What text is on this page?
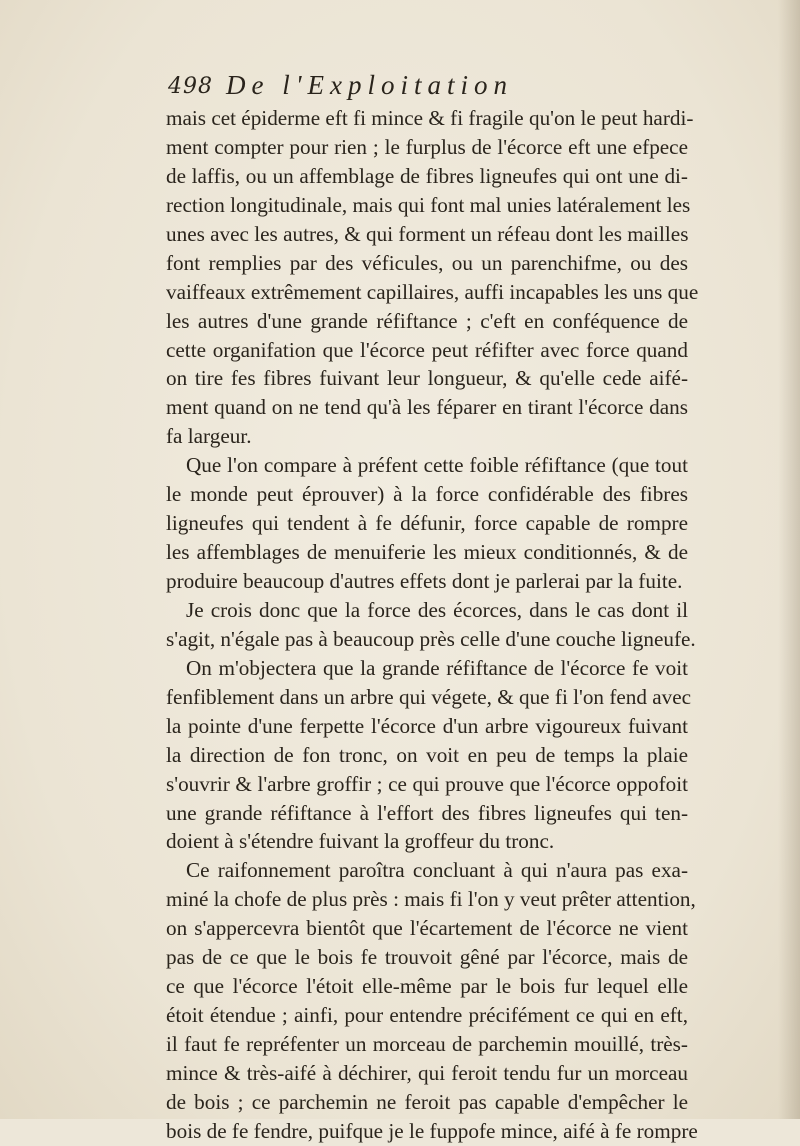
498 De l'Exploitation
mais cet épiderme eft fi mince & fi fragile qu'on le peut hardi-
ment compter pour rien ; le furplus de l'écorce eft une efpece
de laffis, ou un affemblage de fibres ligneufes qui ont une di-
rection longitudinale, mais qui font mal unies latéralement les
unes avec les autres, & qui forment un réfeau dont les mailles
font remplies par des véficules, ou un parenchifme, ou des
vaiffeaux extrêmement capillaires, auffi incapables les uns que
les autres d'une grande réfiftance ; c'eft en conféquence de
cette organifation que l'écorce peut réfifter avec force quand
on tire fes fibres fuivant leur longueur, & qu'elle cede aifé-
ment quand on ne tend qu'à les féparer en tirant l'écorce dans
fa largeur.
Que l'on compare à préfent cette foible réfiftance (que tout
le monde peut éprouver) à la force confidérable des fibres
ligneufes qui tendent à fe défunir, force capable de rompre
les affemblages de menuiferie les mieux conditionnés, & de
produire beaucoup d'autres effets dont je parlerai par la fuite.
Je crois donc que la force des écorces, dans le cas dont il
s'agit, n'égale pas à beaucoup près celle d'une couche ligneufe.
On m'objectera que la grande réfiftance de l'écorce fe voit
fenfiblement dans un arbre qui végete, & que fi l'on fend avec
la pointe d'une ferpette l'écorce d'un arbre vigoureux fuivant
la direction de fon tronc, on voit en peu de temps la plaie
s'ouvrir & l'arbre groffir ; ce qui prouve que l'écorce oppofoit
une grande réfiftance à l'effort des fibres ligneufes qui ten-
doient à s'étendre fuivant la groffeur du tronc.
Ce raifonnement paroîtra concluant à qui n'aura pas exa-
miné la chofe de plus près : mais fi l'on y veut prêter attention,
on s'appercevra bientôt que l'écartement de l'écorce ne vient
pas de ce que le bois fe trouvoit gêné par l'écorce, mais de
ce que l'écorce l'étoit elle-même par le bois fur lequel elle
étoit étendue ; ainfi, pour entendre précifément ce qui en eft,
il faut fe repréfenter un morceau de parchemin mouillé, très-
mince & très-aifé à déchirer, qui feroit tendu fur un morceau
de bois ; ce parchemin ne feroit pas capable d'empêcher le
bois de fe fendre, puifque je le fuppofe mince, aifé à fe rompre
